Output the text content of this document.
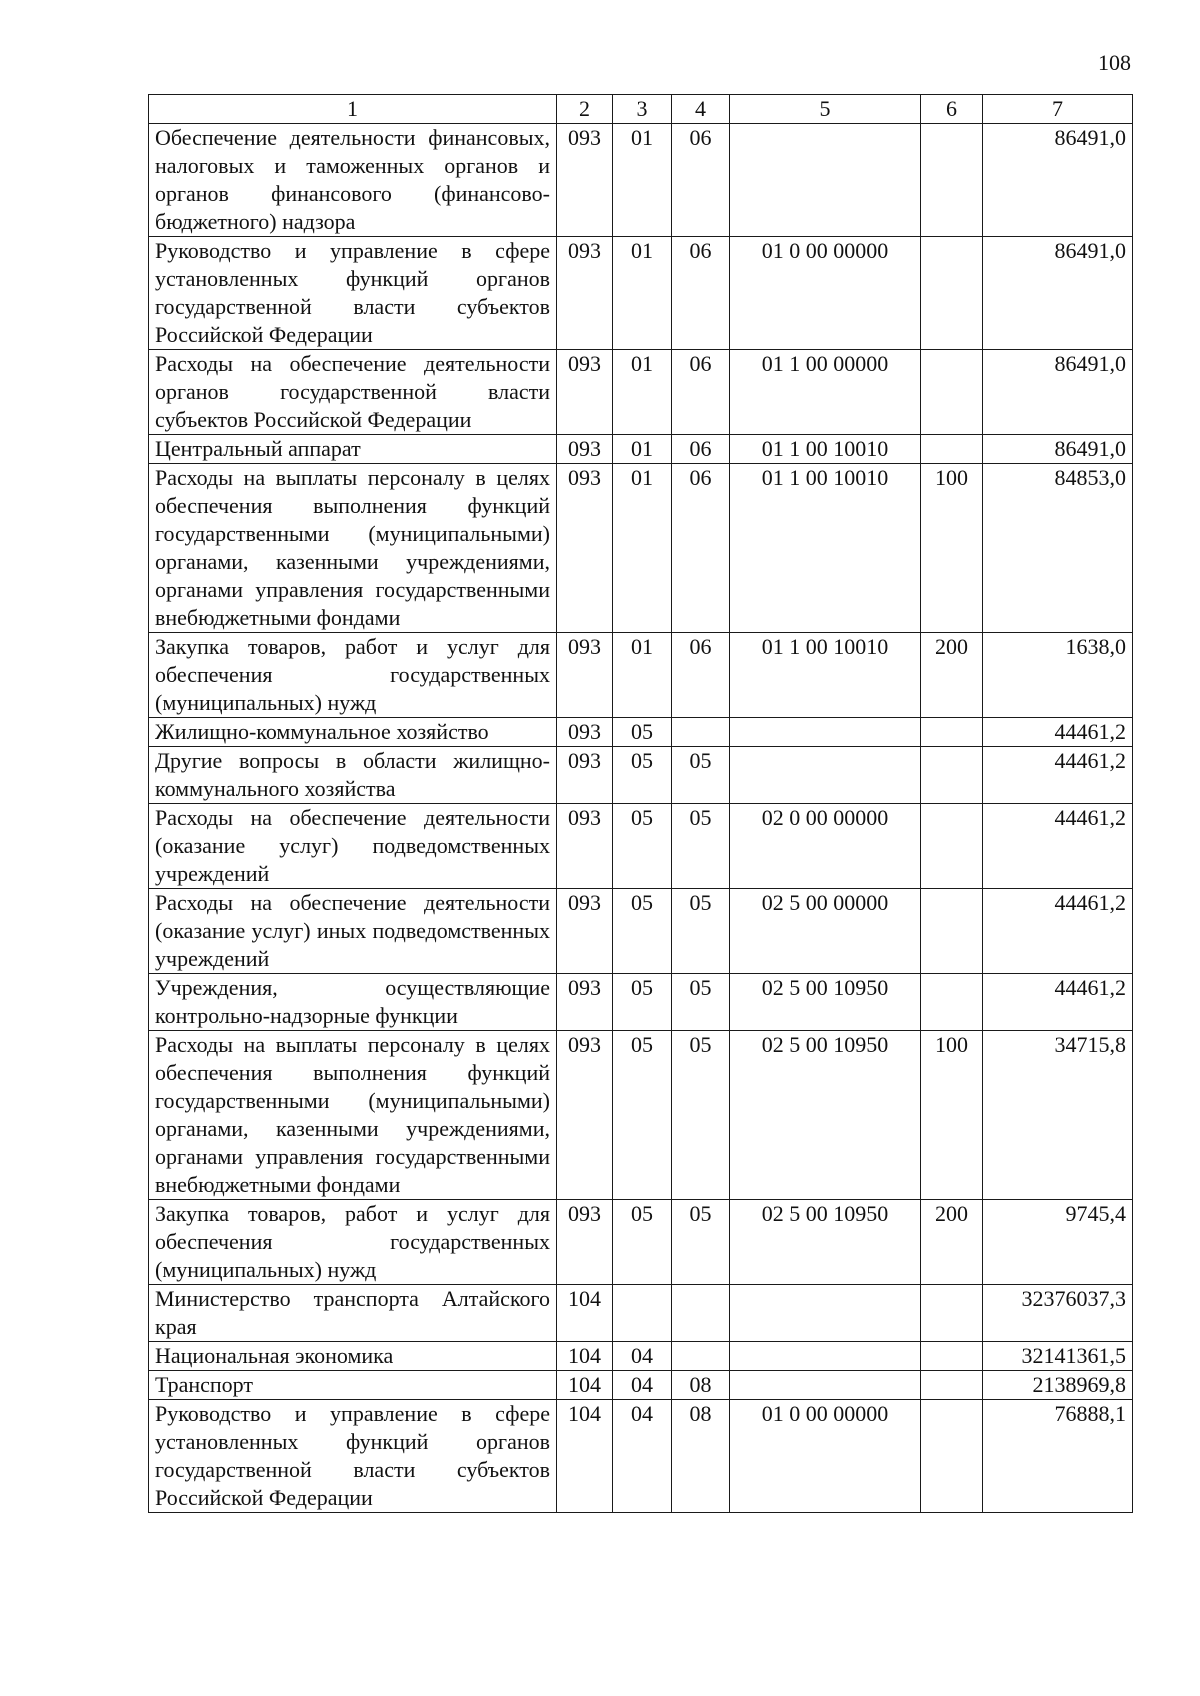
108
1	2	3	4	5	6	7
Обеспечение деятельности финансовых, налоговых и таможенных органов и органов финансового (финансово-бюджетного) надзора	093	01	06			86491,0
Руководство и управление в сфере установленных функций органов государственной власти субъектов Российской Федерации	093	01	06	01 0 00 00000		86491,0
Расходы на обеспечение деятельности органов государственной власти субъектов Российской Федерации	093	01	06	01 1 00 00000		86491,0
Центральный аппарат	093	01	06	01 1 00 10010		86491,0
Расходы на выплаты персоналу в целях обеспечения выполнения функций государственными (муниципальными) органами, казенными учреждениями, органами управления государственными внебюджетными фондами	093	01	06	01 1 00 10010	100	84853,0
Закупка товаров, работ и услуг для обеспечения государственных (муниципальных) нужд	093	01	06	01 1 00 10010	200	1638,0
Жилищно-коммунальное хозяйство	093	05				44461,2
Другие вопросы в области жилищно-коммунального хозяйства	093	05	05			44461,2
Расходы на обеспечение деятельности (оказание услуг) подведомственных учреждений	093	05	05	02 0 00 00000		44461,2
Расходы на обеспечение деятельности (оказание услуг) иных подведомственных учреждений	093	05	05	02 5 00 00000		44461,2
Учреждения, осуществляющие контрольно-надзорные функции	093	05	05	02 5 00 10950		44461,2
Расходы на выплаты персоналу в целях обеспечения выполнения функций государственными (муниципальными) органами, казенными учреждениями, органами управления государственными внебюджетными фондами	093	05	05	02 5 00 10950	100	34715,8
Закупка товаров, работ и услуг для обеспечения государственных (муниципальных) нужд	093	05	05	02 5 00 10950	200	9745,4
Министерство транспорта Алтайского края	104					32376037,3
Национальная экономика	104	04				32141361,5
Транспорт	104	04	08			2138969,8
Руководство и управление в сфере установленных функций органов государственной власти субъектов Российской Федерации	104	04	08	01 0 00 00000		76888,1
